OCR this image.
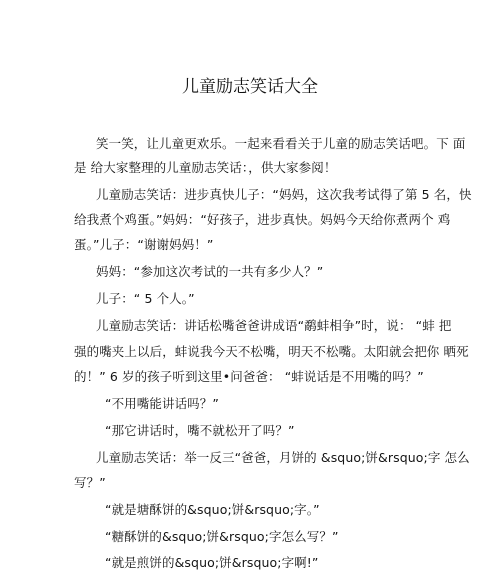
儿童励志笑话大全
笑一笑，让儿童更欢乐。一起来看看关于儿童的励志笑话吧。下 面
是 给大家整理的儿童励志笑话：，供大家参阅！
儿童励志笑话：进步真快儿子：“妈妈，这次我考试得了第 5 名，快
给我煮个鸡蛋。”妈妈：“好孩子，进步真快。妈妈今天给你煮两个 鸡
蛋。”儿子：“谢谢妈妈！”
妈妈：“参加这次考试的一共有多少人？”
儿子：“ 5 个人。”
儿童励志笑话：讲话松嘴爸爸讲成语“鹬蚌相争”时，说： “蚌 把
强的嘴夹上以后，蚌说我今天不松嘴，明天不松嘴。太阳就会把你 晒死
的！” 6 岁的孩子听到这里•问爸爸： “蚌说话是不用嘴的吗？”
“不用嘴能讲话吗？”
“那它讲话时，嘴不就松开了吗？”
儿童励志笑话：举一反三“爸爸，月饼的 &squo;饼&rsquo;字 怎么
写？”
“就是塘酥饼的&squo;饼&rsquo;字。”
“糖酥饼的&squo;饼&rsquo;字怎么写？”
“就是煎饼的&squo;饼&rsquo;字啊!”
